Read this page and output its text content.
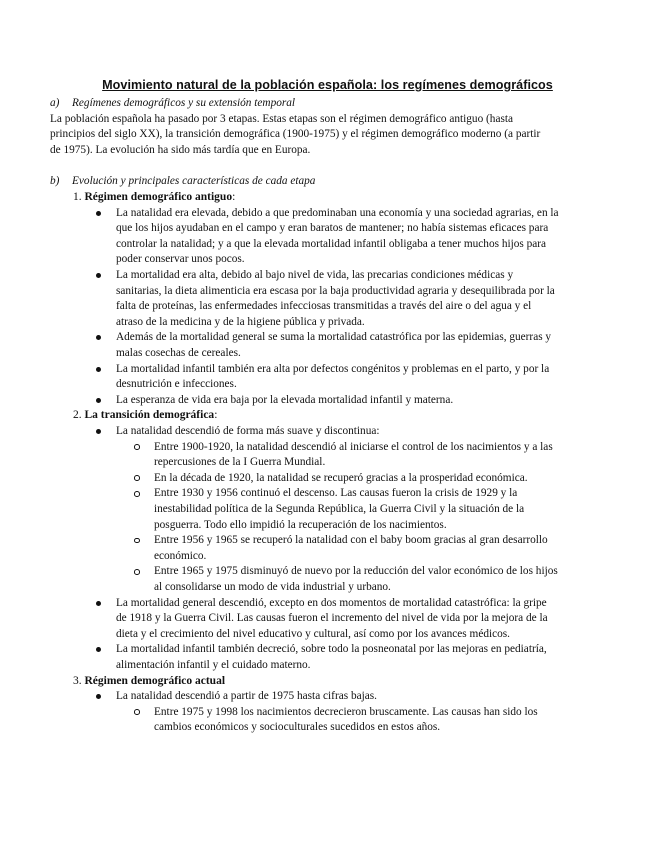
Movimiento natural de la población española: los regímenes demográficos
a) Regímenes demográficos y su extensión temporal
La población española ha pasado por 3 etapas. Estas etapas son el régimen demográfico antiguo (hasta
principios del siglo XX), la transición demográfica (1900-1975) y el régimen demográfico moderno (a partir
de 1975). La evolución ha sido más tardía que en Europa.
b) Evolución y principales características de cada etapa
1. Régimen demográfico antiguo:
La natalidad era elevada, debido a que predominaban una economía y una sociedad agrarias, en la
que los hijos ayudaban en el campo y eran baratos de mantener; no había sistemas eficaces para
controlar la natalidad; y a que la elevada mortalidad infantil obligaba a tener muchos hijos para
poder conservar unos pocos.
La mortalidad era alta, debido al bajo nivel de vida, las precarias condiciones médicas y
sanitarias, la dieta alimenticia era escasa por la baja productividad agraria y desequilibrada por la
falta de proteínas, las enfermedades infecciosas transmitidas a través del aire o del agua y el
atraso de la medicina y de la higiene pública y privada.
Además de la mortalidad general se suma la mortalidad catastrófica por las epidemias, guerras y
malas cosechas de cereales.
La mortalidad infantil también era alta por defectos congénitos y problemas en el parto, y por la
desnutrición e infecciones.
La esperanza de vida era baja por la elevada mortalidad infantil y materna.
2. La transición demográfica:
La natalidad descendió de forma más suave y discontinua:
Entre 1900-1920, la natalidad descendió al iniciarse el control de los nacimientos y a las
repercusiones de la I Guerra Mundial.
En la década de 1920, la natalidad se recuperó gracias a la prosperidad económica.
Entre 1930 y 1956 continuó el descenso. Las causas fueron la crisis de 1929 y la
inestabilidad política de la Segunda República, la Guerra Civil y la situación de la
posguerra. Todo ello impidió la recuperación de los nacimientos.
Entre 1956 y 1965 se recuperó la natalidad con el baby boom gracias al gran desarrollo
económico.
Entre 1965 y 1975 disminuyó de nuevo por la reducción del valor económico de los hijos
al consolidarse un modo de vida industrial y urbano.
La mortalidad general descendió, excepto en dos momentos de mortalidad catastrófica: la gripe
de 1918 y la Guerra Civil. Las causas fueron el incremento del nivel de vida por la mejora de la
dieta y el crecimiento del nivel educativo y cultural, así como por los avances médicos.
La mortalidad infantil también decreció, sobre todo la posneonatal por las mejoras en pediatría,
alimentación infantil y el cuidado materno.
3. Régimen demográfico actual
La natalidad descendió a partir de 1975 hasta cifras bajas.
Entre 1975 y 1998 los nacimientos decrecieron bruscamente. Las causas han sido los
cambios económicos y socioculturales sucedidos en estos años.
